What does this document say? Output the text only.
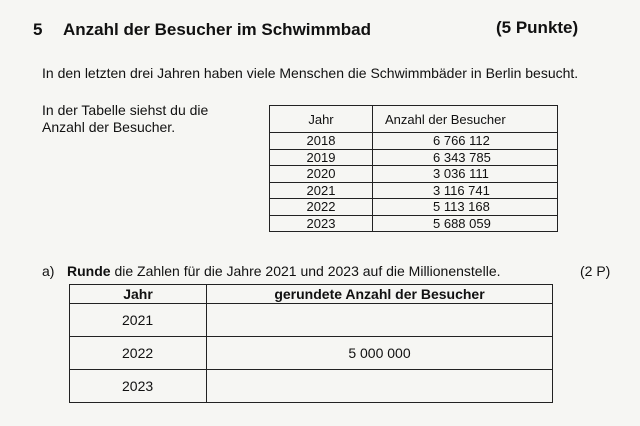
5 Anzahl der Besucher im Schwimmbad	(5 Punkte)
In den letzten drei Jahren haben viele Menschen die Schwimmbäder in Berlin besucht.
In der Tabelle siehst du die
Anzahl der Besucher.	Jahr	Anzahl der Besucher
2018	6 766 112
2019	6 343 785
2020	3 036 111
2021	3 116 741
2022	5 113 168
2023	5 688 059
a) Runde die Zahlen für die Jahre 2021 und 2023 auf die Millionenstelle.	(2 P)
Jahr	gerundete Anzahl der Besucher
2021	
2022	5 000 000
2023	
